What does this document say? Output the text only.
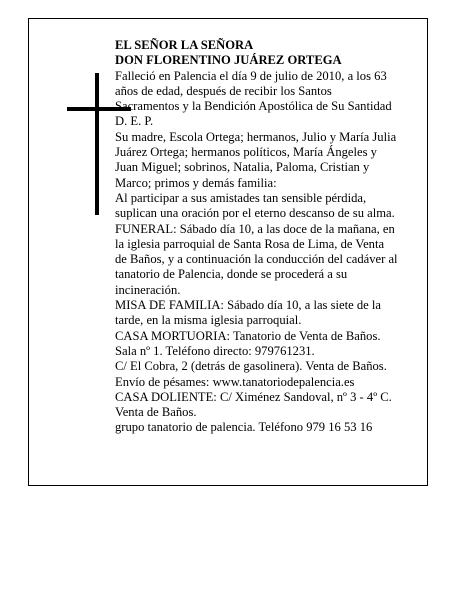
EL SEÑOR LA SEÑORA
DON FLORENTINO JUÁREZ ORTEGA
Falleció en Palencia el día 9 de julio de 2010, a los 63
años de edad, después de recibir los Santos
Sacramentos y la Bendición Apostólica de Su Santidad
D. E. P.
Su madre, Escola Ortega; hermanos, Julio y María Julia
Juárez Ortega; hermanos políticos, María Ángeles y
Juan Miguel; sobrinos, Natalia, Paloma, Cristian y
Marco; primos y demás familia:
Al participar a sus amistades tan sensible pérdida,
suplican una oración por el eterno descanso de su alma.
FUNERAL: Sábado día 10, a las doce de la mañana, en
la iglesia parroquial de Santa Rosa de Lima, de Venta
de Baños, y a continuación la conducción del cadáver al
tanatorio de Palencia, donde se procederá a su
incineración.
MISA DE FAMILIA: Sábado día 10, a las siete de la
tarde, en la misma iglesia parroquial.
CASA MORTUORIA: Tanatorio de Venta de Baños.
Sala nº 1. Teléfono directo: 979761231.
C/ El Cobra, 2 (detrás de gasolinera). Venta de Baños.
Envío de pésames: www.tanatoriodepalencia.es
CASA DOLIENTE: C/ Ximénez Sandoval, nº 3 - 4º C.
Venta de Baños.
grupo tanatorio de palencia. Teléfono 979 16 53 16
